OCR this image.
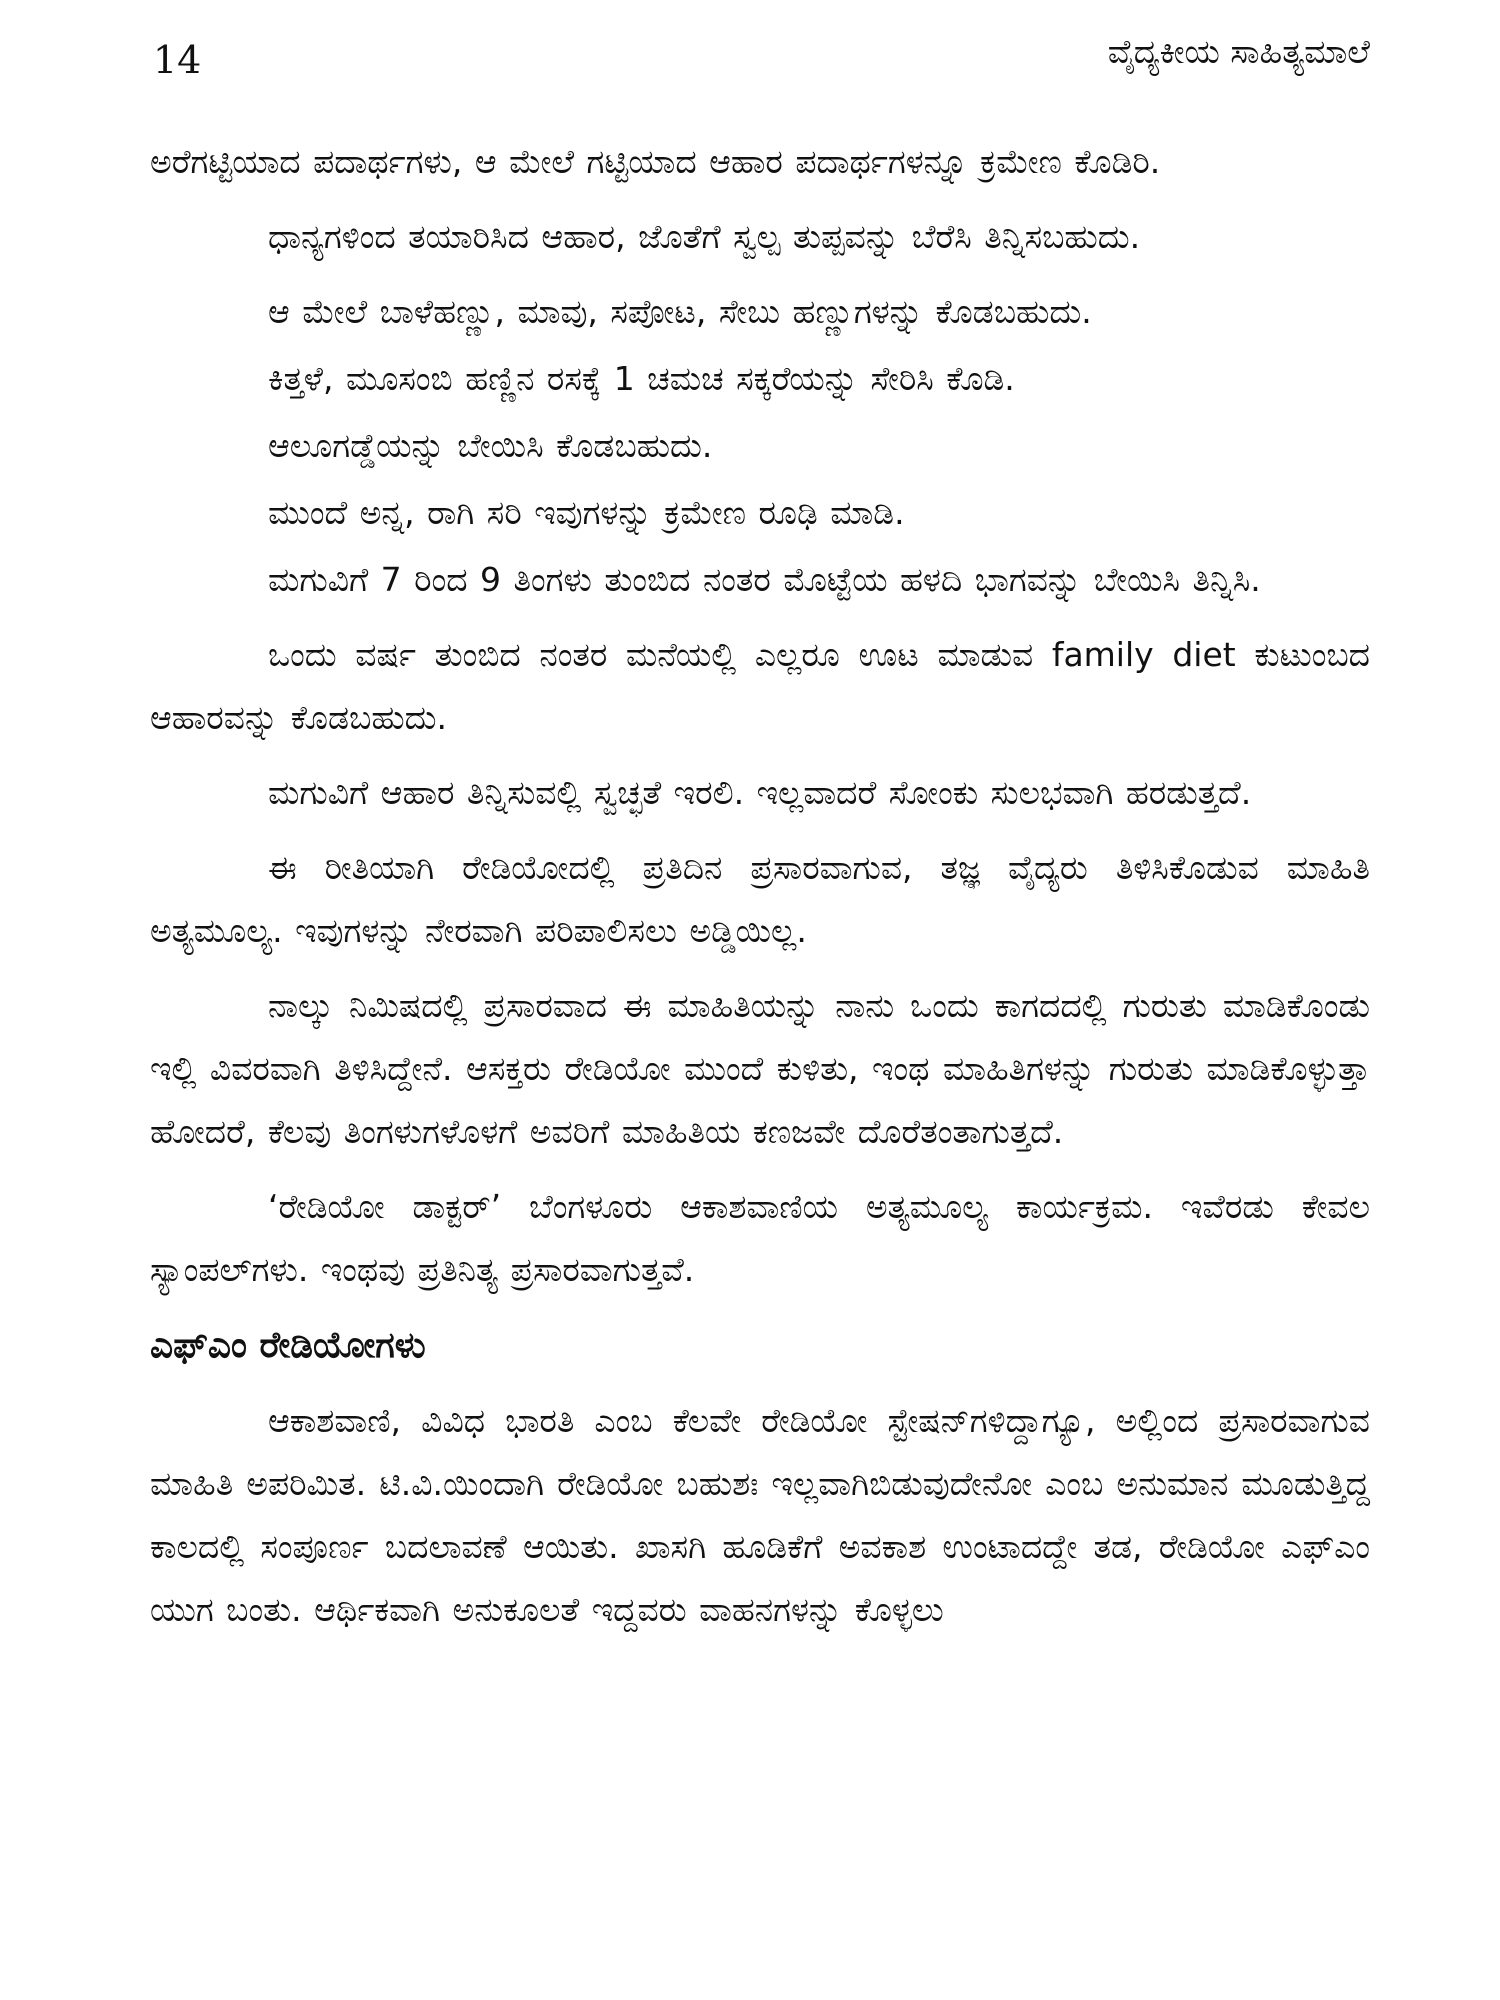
14	ವೈದ್ಯಕೀಯ ಸಾಹಿತ್ಯಮಾಲೆ

ಅರೆಗಟ್ಟಿಯಾದ ಪದಾರ್ಥಗಳು, ಆ ಮೇಲೆ ಗಟ್ಟಿಯಾದ ಆಹಾರ ಪದಾರ್ಥಗಳನ್ನೂ ಕ್ರಮೇಣ ಕೊಡಿರಿ.

ಧಾನ್ಯಗಳಿಂದ ತಯಾರಿಸಿದ ಆಹಾರ, ಜೊತೆಗೆ ಸ್ವಲ್ಪ ತುಪ್ಪವನ್ನು ಬೆರೆಸಿ ತಿನ್ನಿಸಬಹುದು.

ಆ ಮೇಲೆ ಬಾಳೆಹಣ್ಣು, ಮಾವು, ಸಪೋಟ, ಸೇಬು ಹಣ್ಣುಗಳನ್ನು ಕೊಡಬಹುದು.

ಕಿತ್ತಳೆ, ಮೂಸಂಬಿ ಹಣ್ಣಿನ ರಸಕ್ಕೆ 1 ಚಮಚ ಸಕ್ಕರೆಯನ್ನು ಸೇರಿಸಿ ಕೊಡಿ.

ಆಲೂಗಡ್ಡೆಯನ್ನು ಬೇಯಿಸಿ ಕೊಡಬಹುದು.

ಮುಂದೆ ಅನ್ನ, ರಾಗಿ ಸರಿ ಇವುಗಳನ್ನು ಕ್ರಮೇಣ ರೂಢಿ ಮಾಡಿ.

ಮಗುವಿಗೆ 7 ರಿಂದ 9 ತಿಂಗಳು ತುಂಬಿದ ನಂತರ ಮೊಟ್ಟೆಯ ಹಳದಿ ಭಾಗವನ್ನು ಬೇಯಿಸಿ ತಿನ್ನಿಸಿ.

ಒಂದು ವರ್ಷ ತುಂಬಿದ ನಂತರ ಮನೆಯಲ್ಲಿ ಎಲ್ಲರೂ ಊಟ ಮಾಡುವ family diet ಕುಟುಂಬದ ಆಹಾರವನ್ನು ಕೊಡಬಹುದು.

ಮಗುವಿಗೆ ಆಹಾರ ತಿನ್ನಿಸುವಲ್ಲಿ ಸ್ವಚ್ಛತೆ ಇರಲಿ. ಇಲ್ಲವಾದರೆ ಸೋಂಕು ಸುಲಭವಾಗಿ ಹರಡುತ್ತದೆ.

ಈ ರೀತಿಯಾಗಿ ರೇಡಿಯೋದಲ್ಲಿ ಪ್ರತಿದಿನ ಪ್ರಸಾರವಾಗುವ, ತಜ್ಞ ವೈದ್ಯರು ತಿಳಿಸಿಕೊಡುವ ಮಾಹಿತಿ ಅತ್ಯಮೂಲ್ಯ. ಇವುಗಳನ್ನು ನೇರವಾಗಿ ಪರಿಪಾಲಿಸಲು ಅಡ್ಡಿಯಿಲ್ಲ.

ನಾಲ್ಕು ನಿಮಿಷದಲ್ಲಿ ಪ್ರಸಾರವಾದ ಈ ಮಾಹಿತಿಯನ್ನು ನಾನು ಒಂದು ಕಾಗದದಲ್ಲಿ ಗುರುತು ಮಾಡಿಕೊಂಡು ಇಲ್ಲಿ ವಿವರವಾಗಿ ತಿಳಿಸಿದ್ದೇನೆ. ಆಸಕ್ತರು ರೇಡಿಯೋ ಮುಂದೆ ಕುಳಿತು, ಇಂಥ ಮಾಹಿತಿಗಳನ್ನು ಗುರುತು ಮಾಡಿಕೊಳ್ಳುತ್ತಾ ಹೋದರೆ, ಕೆಲವು ತಿಂಗಳುಗಳೊಳಗೆ ಅವರಿಗೆ ಮಾಹಿತಿಯ ಕಣಜವೇ ದೊರೆತಂತಾಗುತ್ತದೆ.

‘ರೇಡಿಯೋ ಡಾಕ್ಟರ್’ ಬೆಂಗಳೂರು ಆಕಾಶವಾಣಿಯ ಅತ್ಯಮೂಲ್ಯ ಕಾರ್ಯಕ್ರಮ. ಇವೆರಡು ಕೇವಲ ಸ್ಯಾಂಪಲ್‌ಗಳು. ಇಂಥವು ಪ್ರತಿನಿತ್ಯ ಪ್ರಸಾರವಾಗುತ್ತವೆ.

ಎಫ್‌ಎಂ ರೇಡಿಯೋಗಳು

ಆಕಾಶವಾಣಿ, ವಿವಿಧ ಭಾರತಿ ಎಂಬ ಕೆಲವೇ ರೇಡಿಯೋ ಸ್ಟೇಷನ್‌ಗಳಿದ್ದಾಗ್ಯೂ, ಅಲ್ಲಿಂದ ಪ್ರಸಾರವಾಗುವ ಮಾಹಿತಿ ಅಪರಿಮಿತ. ಟಿ.ವಿ.ಯಿಂದಾಗಿ ರೇಡಿಯೋ ಬಹುಶಃ ಇಲ್ಲವಾಗಿಬಿಡುವುದೇನೋ ಎಂಬ ಅನುಮಾನ ಮೂಡುತ್ತಿದ್ದ ಕಾಲದಲ್ಲಿ ಸಂಪೂರ್ಣ ಬದಲಾವಣೆ ಆಯಿತು. ಖಾಸಗಿ ಹೂಡಿಕೆಗೆ ಅವಕಾಶ ಉಂಟಾದದ್ದೇ ತಡ, ರೇಡಿಯೋ ಎಫ್‌ಎಂ ಯುಗ ಬಂತು. ಆರ್ಥಿಕವಾಗಿ ಅನುಕೂಲತೆ ಇದ್ದವರು ವಾಹನಗಳನ್ನು ಕೊಳ್ಳಲು
